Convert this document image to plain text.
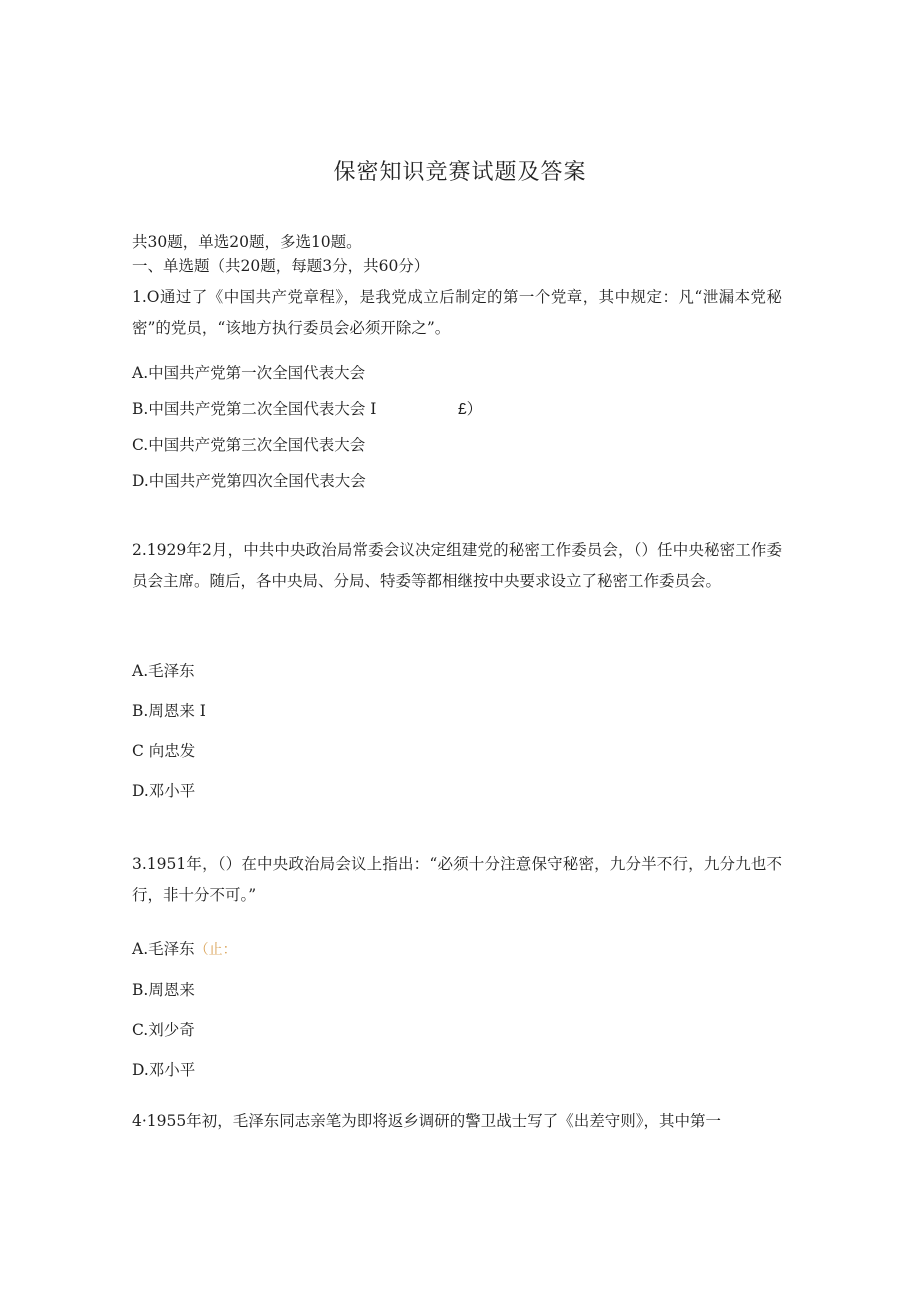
保密知识竞赛试题及答案
共30题，单选20题，多选10题。
一、单选题（共20题，每题3分，共60分）
1.O通过了《中国共产党章程》，是我党成立后制定的第一个党章，其中规定：凡“泄漏本党秘密”的党员，“该地方执行委员会必须开除之”。
A.中国共产党第一次全国代表大会
B.中国共产党第二次全国代表大会 I	£）
C.中国共产党第三次全国代表大会
D.中国共产党第四次全国代表大会
2.1929年2月，中共中央政治局常委会议决定组建党的秘密工作委员会，（）任中央秘密工作委员会主席。随后，各中央局、分局、特委等都相继按中央要求设立了秘密工作委员会。
A.毛泽东
B.周恩来 I
C 向忠发
D.邓小平
3.1951年，（）在中央政治局会议上指出：“必须十分注意保守秘密，九分半不行，九分九也不行，非十分不可。”
A.毛泽东（止：
B.周恩来
C.刘少奇
D.邓小平
4·1955年初，毛泽东同志亲笔为即将返乡调研的警卫战士写了《出差守则》，其中第一
